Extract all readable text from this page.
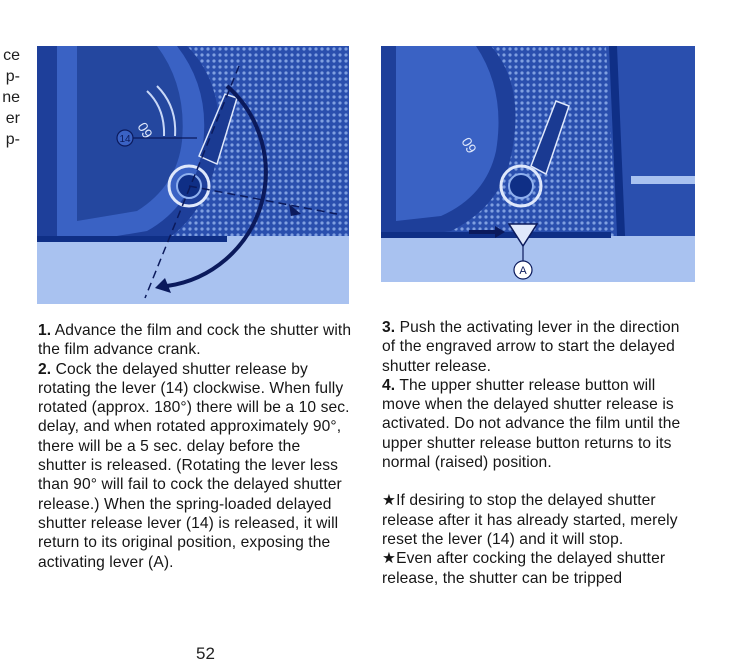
ce
p-
ne
er
p-	09
14	09
A

1. Advance the film and cock the shutter with the film advance crank.

2. Cock the delayed shutter release by rotating the lever (14) clockwise. When fully rotated (approx. 180°) there will be a 10 sec. delay, and when rotated approximately 90°, there will be a 5 sec. delay before the shutter is released. (Rotating the lever less than 90° will fail to cock the delayed shutter release.) When the spring-loaded delayed shutter release lever (14) is released, it will return to its original position, exposing the activating lever (A).

3. Push the activating lever in the direction of the engraved arrow to start the delayed shutter release.

4. The upper shutter release button will move when the delayed shutter release is activated. Do not advance the film until the upper shutter release button returns to its normal (raised) position.

★If desiring to stop the delayed shutter release after it has already started, merely reset the lever (14) and it will stop.

★Even after cocking the delayed shutter release, the shutter can be tripped

52
